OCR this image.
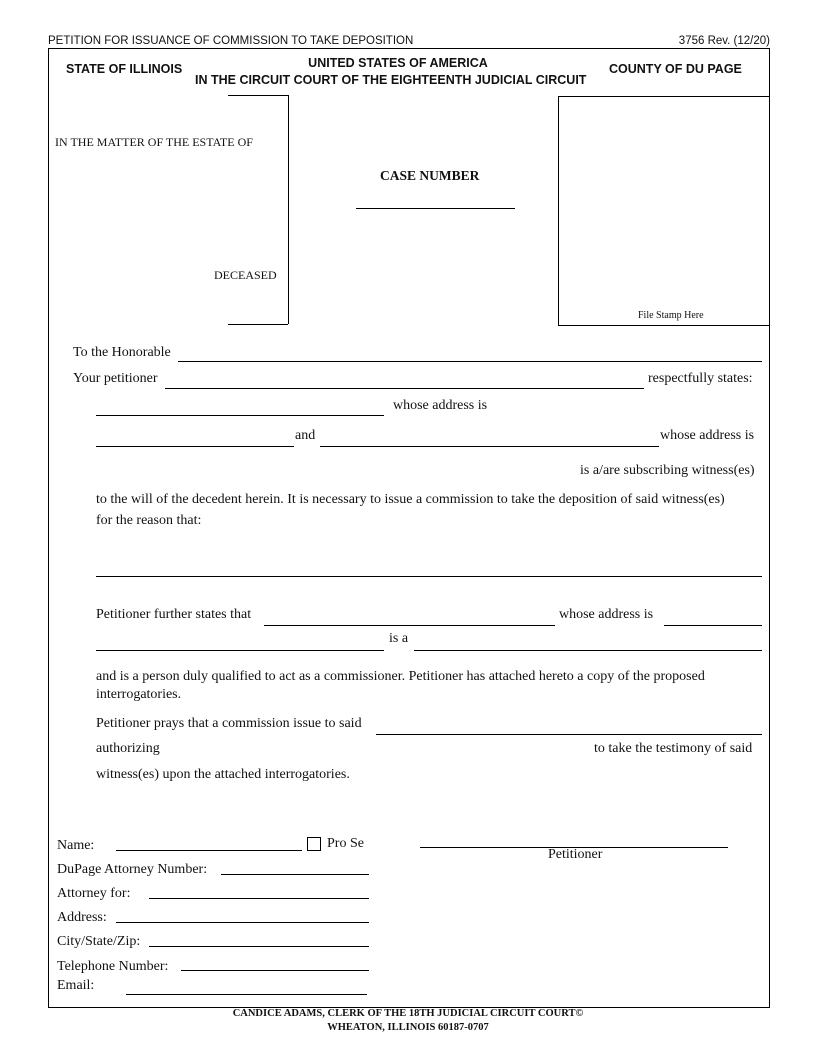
PETITION FOR ISSUANCE OF COMMISSION TO TAKE DEPOSITION	3756 Rev. (12/20)
STATE OF ILLINOIS	UNITED STATES OF AMERICA
IN THE CIRCUIT COURT OF THE EIGHTEENTH JUDICIAL CIRCUIT
COUNTY OF DU PAGE
IN THE MATTER OF THE ESTATE OF
DECEASED
CASE NUMBER
File Stamp Here
To the Honorable
Your petitioner	respectfully states:
whose address is
and	whose address is
is a/are subscribing witness(es)
to the will of the decedent herein. It is necessary to issue a commission to take the deposition of said witness(es)
for the reason that:
Petitioner further states that	whose address is
is a
and is a person duly qualified to act as a commissioner. Petitioner has attached hereto a copy of the proposed
interrogatories.
Petitioner prays that a commission issue to said
authorizing	to take the testimony of said
witness(es) upon the attached interrogatories.
Name:	Pro Se
Petitioner
DuPage Attorney Number:
Attorney for:
Address:
City/State/Zip:
Telephone Number:
Email:
CANDICE ADAMS, CLERK OF THE 18TH JUDICIAL CIRCUIT COURT©
WHEATON, ILLINOIS 60187-0707
